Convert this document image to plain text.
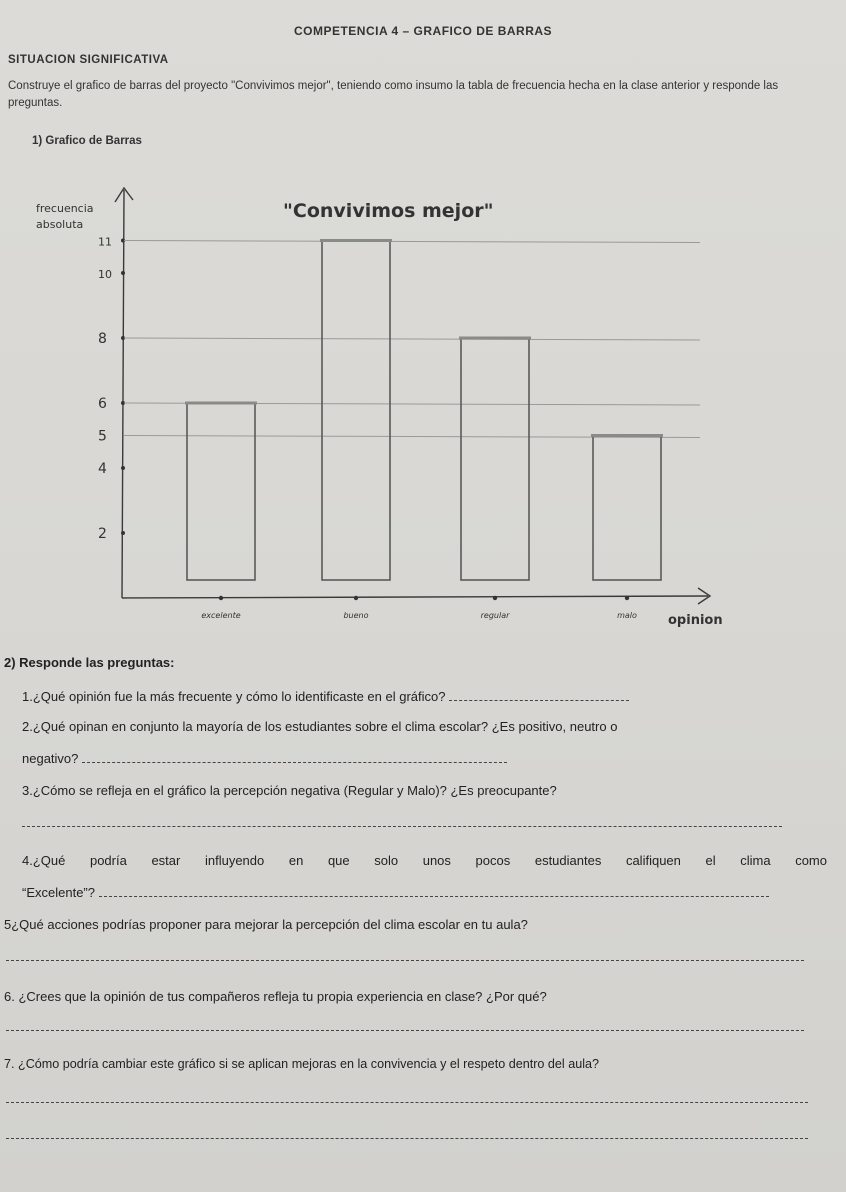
COMPETENCIA 4 – GRAFICO DE BARRAS
SITUACION SIGNIFICATIVA
Construye el grafico de barras del proyecto "Convivimos mejor", teniendo como insumo la tabla de frecuencia hecha en la clase anterior y responde las preguntas.
1) Grafico de Barras
"Convivimos mejor"
frecuencia
absoluta
opinion
2
4
5
6
8
10
11
excelente	bueno	regular	malo
2) Responde las preguntas:
1.¿Qué opinión fue la más frecuente y cómo lo identificaste en el gráfico?
2.¿Qué opinan en conjunto la mayoría de los estudiantes sobre el clima escolar? ¿Es positivo, neutro o
negativo?
3.¿Cómo se refleja en el gráfico la percepción negativa (Regular y Malo)? ¿Es preocupante?
4.¿Qué podría estar influyendo en que solo unos pocos estudiantes califiquen el clima como
“Excelente”?
5¿Qué acciones podrías proponer para mejorar la percepción del clima escolar en tu aula?
6. ¿Crees que la opinión de tus compañeros refleja tu propia experiencia en clase? ¿Por qué?
7. ¿Cómo podría cambiar este gráfico si se aplican mejoras en la convivencia y el respeto dentro del aula?
